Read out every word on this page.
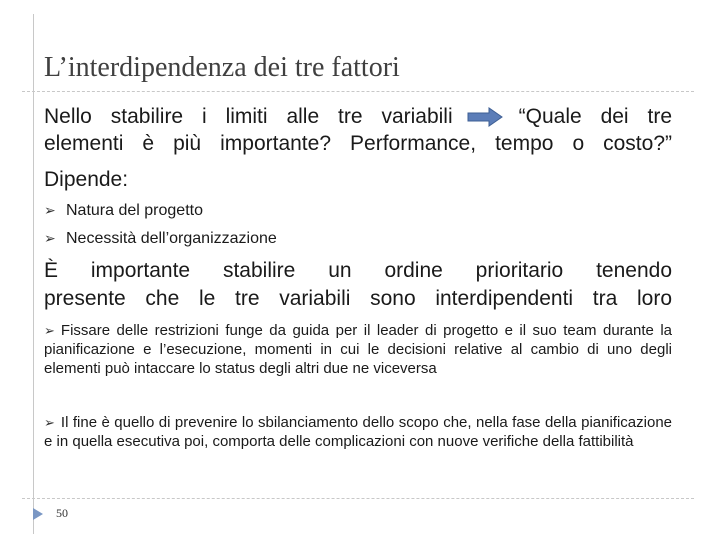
L’interdipendenza dei tre fattori

Nello stabilire i limiti alle tre variabili	“Quale dei tre

elementi è più importante? Performance, tempo o costo?”

Dipende:

➢ Natura del progetto
➢ Necessità dell’organizzazione

È importante stabilire un ordine prioritario tenendo

presente che le tre variabili sono interdipendenti tra loro

➢ Fissare delle restrizioni funge da guida per il leader di progetto e il suo team durante la pianificazione e l’esecuzione, momenti in cui le decisioni relative al cambio di uno degli elementi può intaccare lo status degli altri due ne viceversa

➢ Il fine è quello di prevenire lo sbilanciamento dello scopo che, nella fase della pianificazione e in quella esecutiva poi, comporta delle complicazioni con nuove verifiche della fattibilità

50
